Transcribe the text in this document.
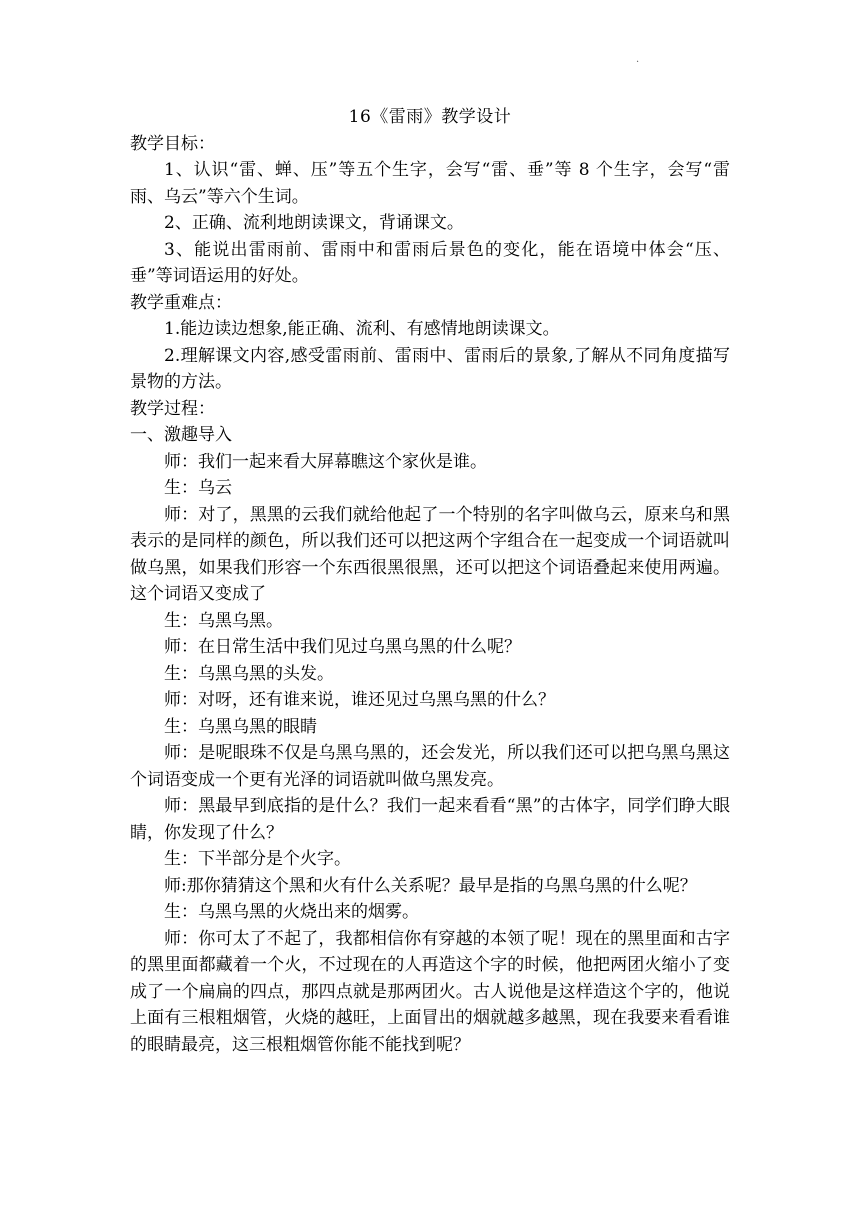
·
16《雷雨》教学设计

教学目标：

1、认识“雷、蝉、压”等五个生字，会写“雷、垂”等 8 个生字，会写“雷雨、乌云”等六个生词。

2、正确、流利地朗读课文，背诵课文。

3、能说出雷雨前、雷雨中和雷雨后景色的变化，能在语境中体会“压、垂”等词语运用的好处。

教学重难点：

1.能边读边想象,能正确、流利、有感情地朗读课文。

2.理解课文内容,感受雷雨前、雷雨中、雷雨后的景象,了解从不同角度描写景物的方法。

教学过程：

一、激趣导入

师：我们一起来看大屏幕瞧这个家伙是谁。

生：乌云

师：对了，黑黑的云我们就给他起了一个特别的名字叫做乌云，原来乌和黑表示的是同样的颜色，所以我们还可以把这两个字组合在一起变成一个词语就叫做乌黑，如果我们形容一个东西很黑很黑，还可以把这个词语叠起来使用两遍。这个词语又变成了

生：乌黑乌黑。

师：在日常生活中我们见过乌黑乌黑的什么呢？

生：乌黑乌黑的头发。

师：对呀，还有谁来说，谁还见过乌黑乌黑的什么？

生：乌黑乌黑的眼睛

师：是呢眼珠不仅是乌黑乌黑的，还会发光，所以我们还可以把乌黑乌黑这个词语变成一个更有光泽的词语就叫做乌黑发亮。

师：黑最早到底指的是什么？我们一起来看看“黑”的古体字，同学们睁大眼睛，你发现了什么？

生：下半部分是个火字。

师:那你猜猜这个黑和火有什么关系呢？最早是指的乌黑乌黑的什么呢？

生：乌黑乌黑的火烧出来的烟雾。

师：你可太了不起了，我都相信你有穿越的本领了呢！现在的黑里面和古字的黑里面都藏着一个火，不过现在的人再造这个字的时候，他把两团火缩小了变成了一个扁扁的四点，那四点就是那两团火。古人说他是这样造这个字的，他说上面有三根粗烟管，火烧的越旺，上面冒出的烟就越多越黑，现在我要来看看谁的眼睛最亮，这三根粗烟管你能不能找到呢？
